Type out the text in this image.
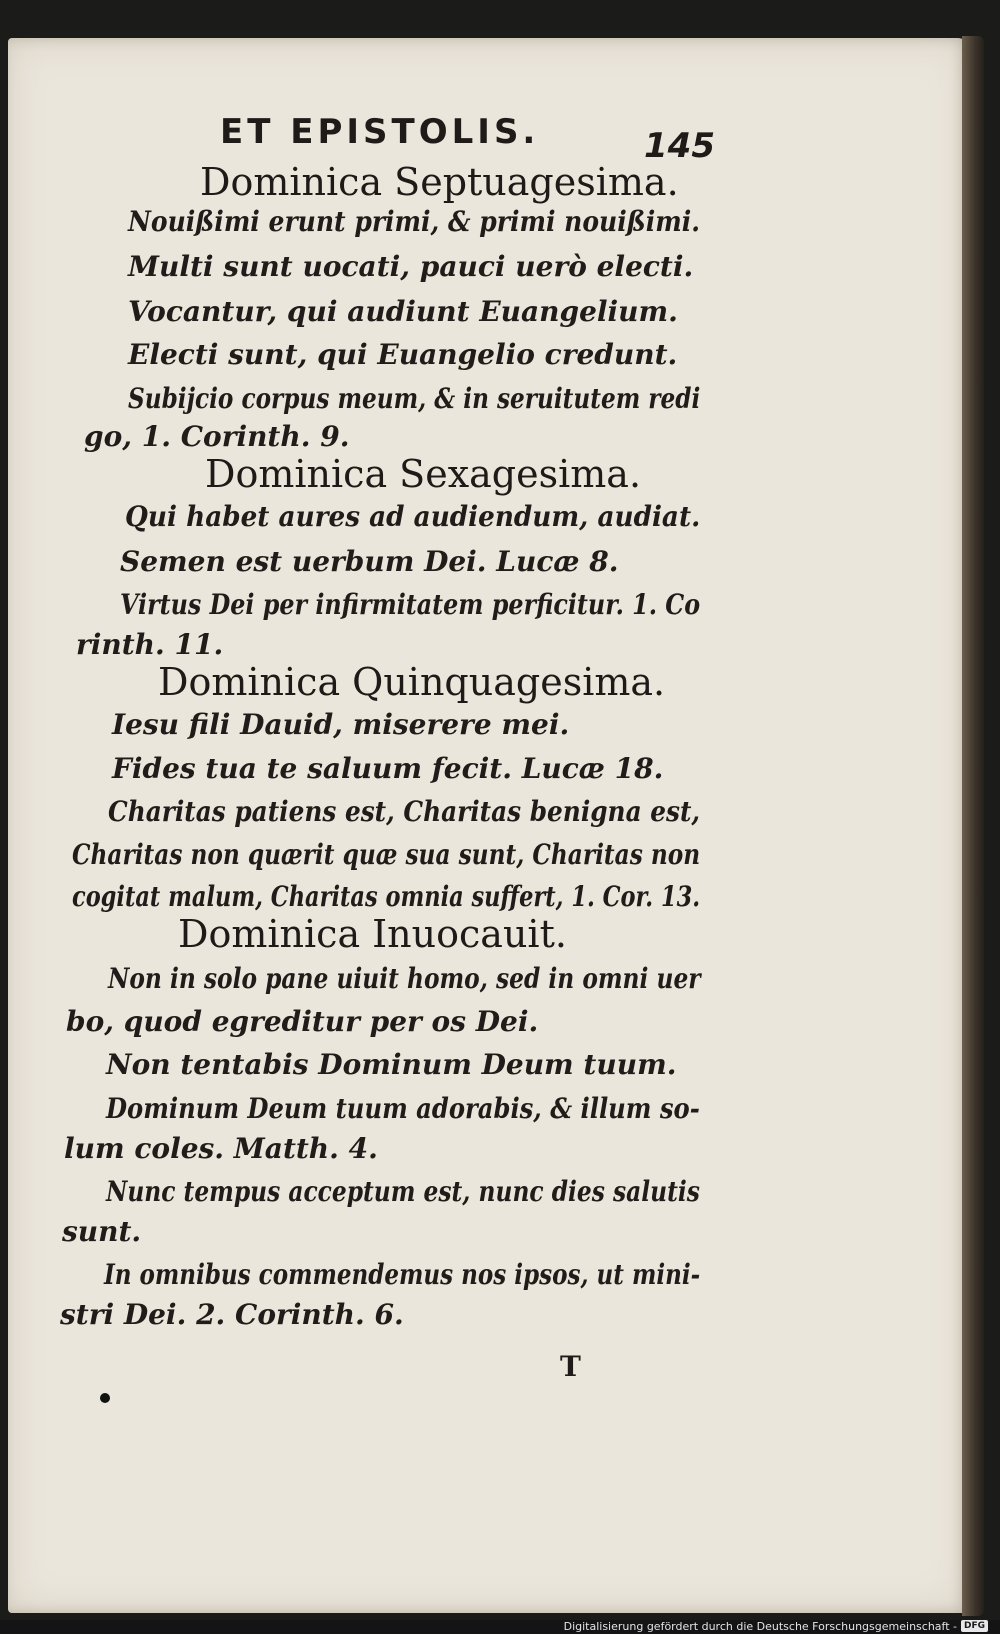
ET EPISTOLIS.	145
Dominica Septuagesima.
Nouißimi erunt primi, & primi nouißimi.
Multi sunt uocati, pauci uerò electi.
Vocantur, qui audiunt Euangelium.
Electi sunt, qui Euangelio credunt.
Subijcio corpus meum, & in seruitutem redi
go, 1. Corinth. 9.
Dominica Sexagesima.
Qui habet aures ad audiendum, audiat.
Semen est uerbum Dei. Lucæ 8.
Virtus Dei per infirmitatem perficitur. 1. Co
rinth. 11.
Dominica Quinquagesima.
Iesu fili Dauid, miserere mei.
Fides tua te saluum fecit. Lucæ 18.
Charitas patiens est, Charitas benigna est,
Charitas non quærit quæ sua sunt, Charitas non
cogitat malum, Charitas omnia suffert, 1. Cor. 13.
Dominica Inuocauit.
Non in solo pane uiuit homo, sed in omni uer
bo, quod egreditur per os Dei.
Non tentabis Dominum Deum tuum.
Dominum Deum tuum adorabis, & illum so-
lum coles. Matth. 4.
Nunc tempus acceptum est, nunc dies salutis
sunt.
In omnibus commendemus nos ipsos, ut mini-
stri Dei. 2. Corinth. 6.
T
Digitalisierung gefördert durch die Deutsche Forschungsgemeinschaft - DFG
